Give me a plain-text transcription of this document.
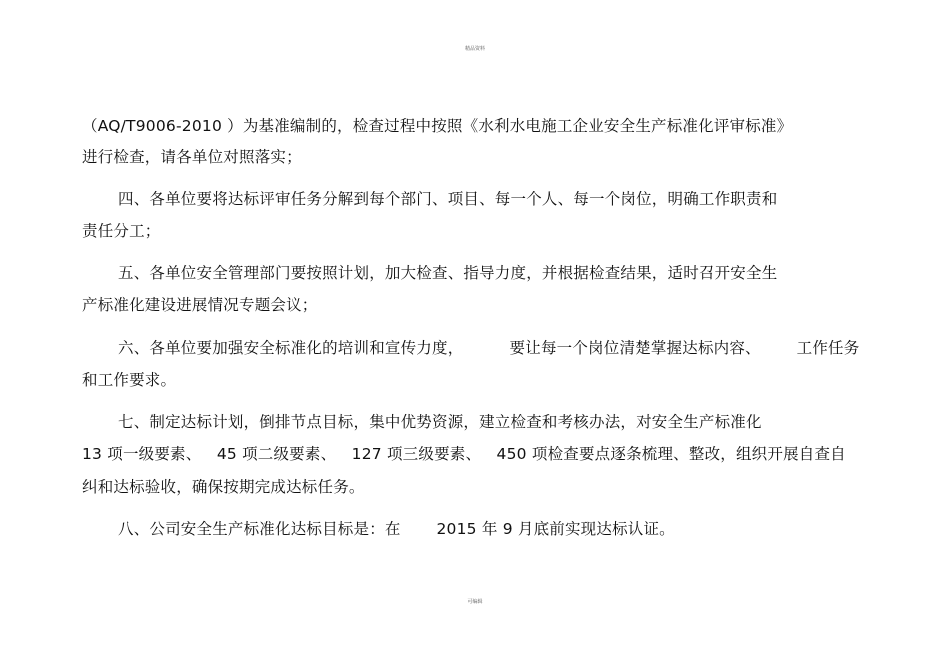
精品资料
（AQ/T9006-2010 ）为基准编制的，检查过程中按照《水利水电施工企业安全生产标准化评审标准》
进行检查，请各单位对照落实；
四、各单位要将达标评审任务分解到每个部门、项目、每一个人、每一个岗位，明确工作职责和
责任分工；
五、各单位安全管理部门要按照计划，加大检查、指导力度，并根据检查结果，适时召开安全生
产标准化建设进展情况专题会议；
六、各单位要加强安全标准化的培训和宣传力度，         要让每一个岗位清楚掌握达标内容、       工作任务
和工作要求。
七、制定达标计划，倒排节点目标，集中优势资源，建立检查和考核办法，对安全生产标准化
13 项一级要素、   45 项二级要素、   127 项三级要素、   450 项检查要点逐条梳理、整改，组织开展自查自
纠和达标验收，确保按期完成达标任务。
八、公司安全生产标准化达标目标是：在       2015 年 9 月底前实现达标认证。
可编辑
